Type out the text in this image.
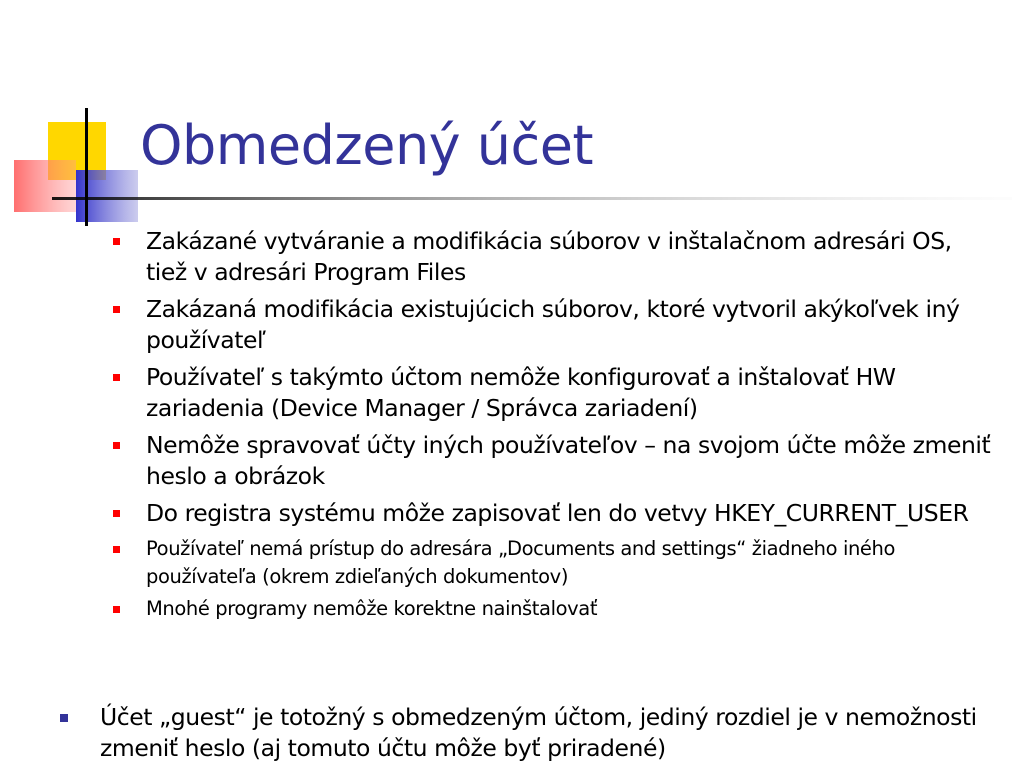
Obmedzený účet
Zakázané vytváranie a modifikácia súborov v inštalačnom adresári OS, tiež v adresári Program Files
Zakázaná modifikácia existujúcich súborov, ktoré vytvoril akýkoľvek iný používateľ
Používateľ s takýmto účtom nemôže konfigurovať a inštalovať HW zariadenia (Device Manager / Správca zariadení)
Nemôže spravovať účty iných používateľov – na svojom účte môže zmeniť heslo a obrázok
Do registra systému môže zapisovať len do vetvy HKEY_CURRENT_USER
Používateľ nemá prístup do adresára „Documents and settings“ žiadneho iného používateľa (okrem zdieľaných dokumentov)
Mnohé programy nemôže korektne nainštalovať
Účet „guest“ je totožný s obmedzeným účtom, jediný rozdiel je v nemožnosti zmeniť heslo (aj tomuto účtu môže byť priradené)
